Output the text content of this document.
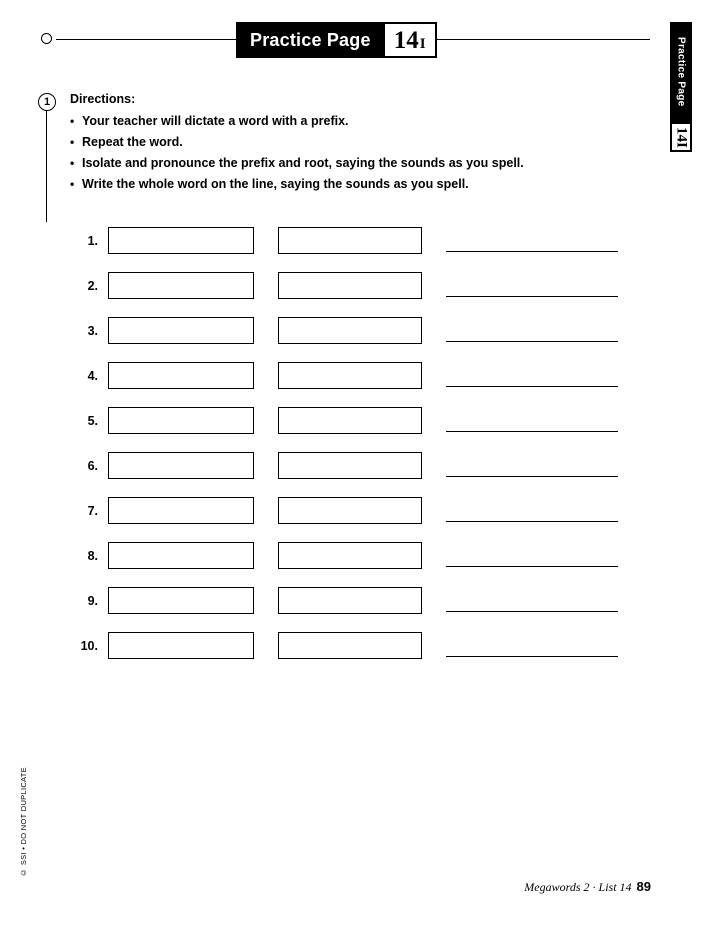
Practice Page 14 I	Practice Page
14I
1	Directions:
• Your teacher will dictate a word with a prefix.
• Repeat the word.
• Isolate and pronounce the prefix and root, saying the sounds as you spell.
• Write the whole word on the line, saying the sounds as you spell.
1.
2.
3.
4.
5.
6.
7.
8.
9.
10.
© SSI • DO NOT DUPLICATE
Megawords 2 · List 14 89
